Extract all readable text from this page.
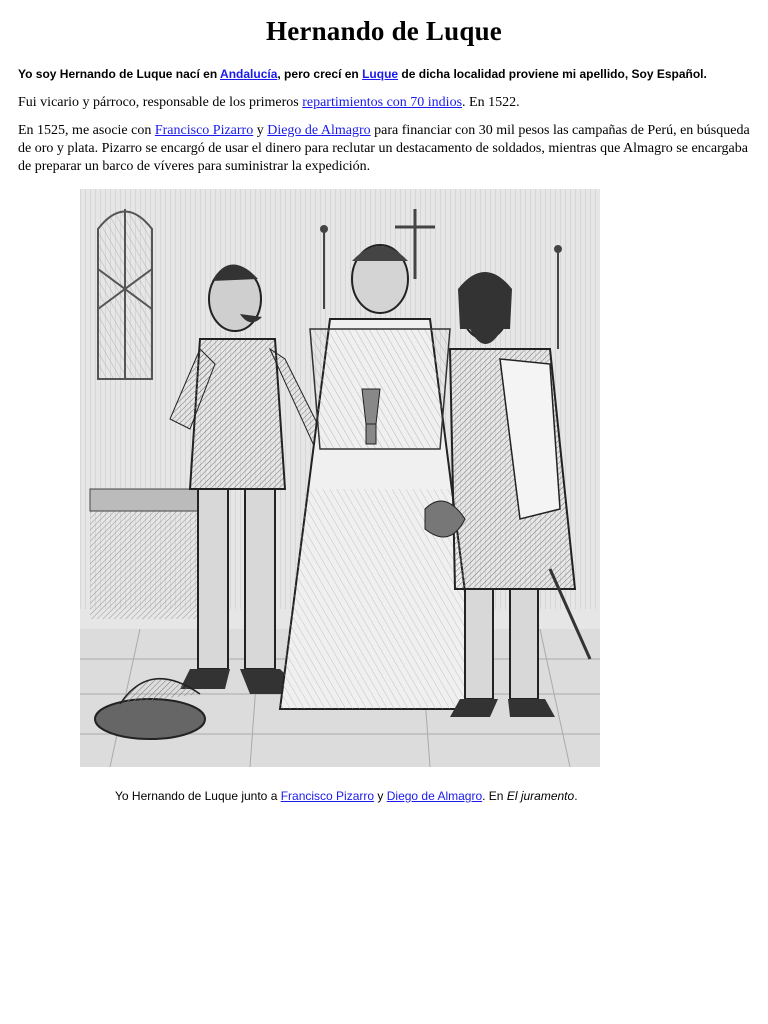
Hernando de Luque

Yo soy Hernando de Luque nací en Andalucía, pero crecí en Luque de dicha localidad proviene mi apellido, Soy Español.

Fui vicario y párroco, responsable de los primeros repartimientos con 70 indios. En 1522.

En 1525, me asocie con Francisco Pizarro y Diego de Almagro para financiar con 30 mil pesos las campañas de Perú, en búsqueda de oro y plata. Pizarro se encargó de usar el dinero para reclutar un destacamento de soldados, mientras que Almagro se encargaba de preparar un barco de víveres para suministrar la expedición.

Yo Hernando de Luque junto a Francisco Pizarro y Diego de Almagro. En El juramento.
